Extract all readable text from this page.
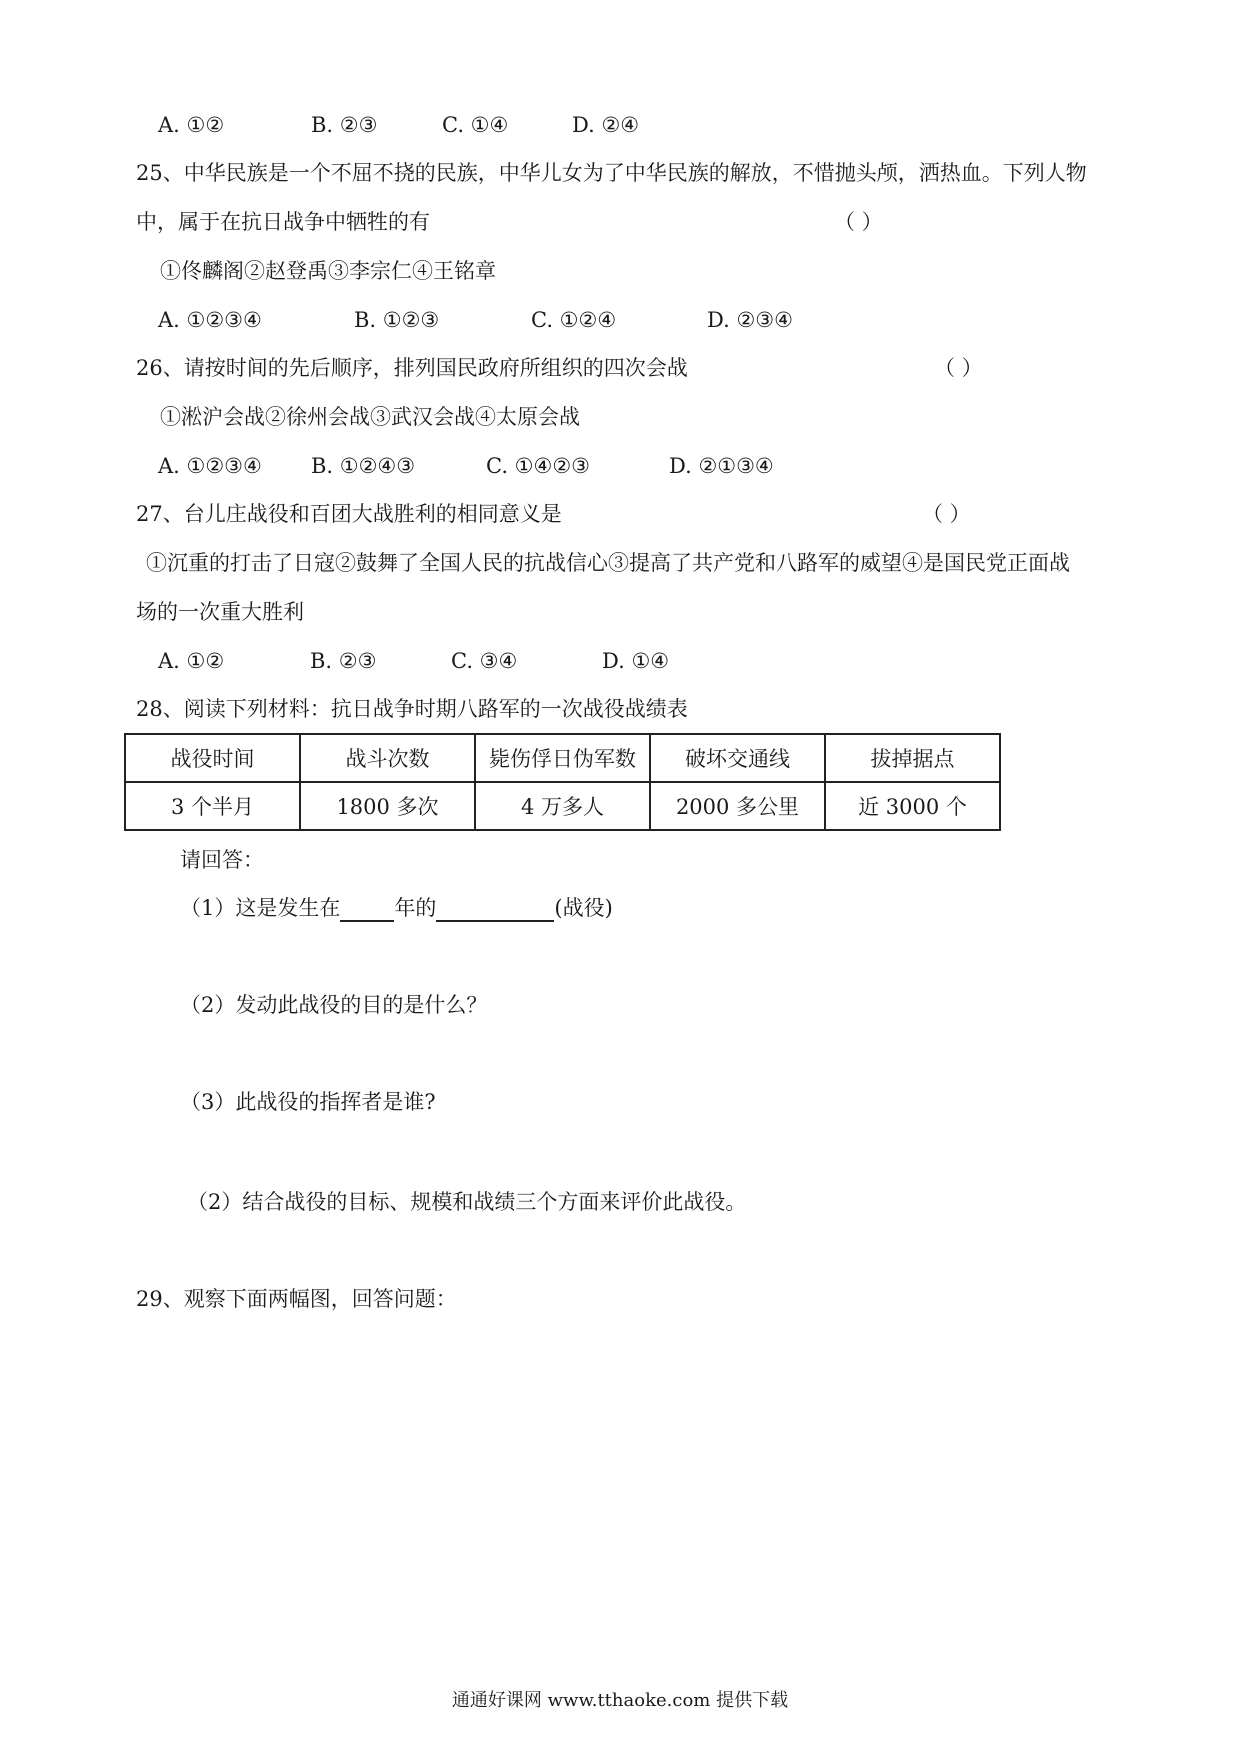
A. ①②	B. ②③	C. ①④	D. ②④
25、中华民族是一个不屈不挠的民族，中华儿女为了中华民族的解放，不惜抛头颅，洒热血。下列人物
中，属于在抗日战争中牺牲的有	（ ）
①佟麟阁②赵登禹③李宗仁④王铭章
A. ①②③④	B. ①②③	C. ①②④	D. ②③④
26、请按时间的先后顺序，排列国民政府所组织的四次会战	（ ）
①淞沪会战②徐州会战③武汉会战④太原会战
A. ①②③④ B. ①②④③	C. ①④②③	D. ②①③④
27、台儿庄战役和百团大战胜利的相同意义是	（ ）
①沉重的打击了日寇②鼓舞了全国人民的抗战信心③提高了共产党和八路军的威望④是国民党正面战
场的一次重大胜利
A. ①②	B. ②③	C. ③④	D. ①④
28、阅读下列材料：抗日战争时期八路军的一次战役战绩表
战役时间	战斗次数	毙伤俘日伪军数	破坏交通线	拔掉据点
3 个半月	1800 多次	4 万多人	2000 多公里	近 3000 个
请回答：
（1）这是发生在	年的	(战役)
（2）发动此战役的目的是什么？
（3）此战役的指挥者是谁?
（2）结合战役的目标、规模和战绩三个方面来评价此战役。
29、观察下面两幅图，回答问题：
通通好课网 www.tthaoke.com 提供下载
